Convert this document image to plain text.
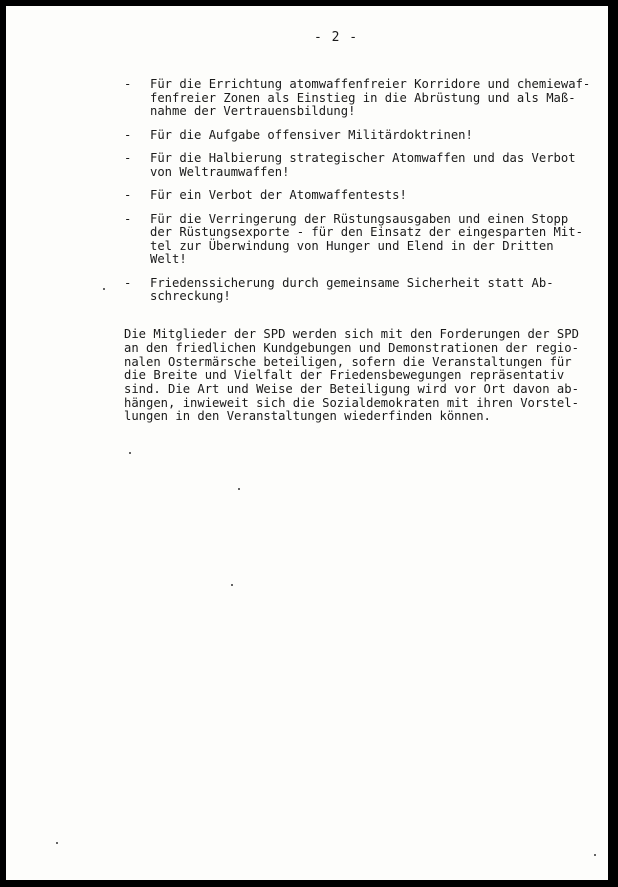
- 2 -
-	Für die Errichtung atomwaffenfreier Korridore und chemiewaf-
fenfreier Zonen als Einstieg in die Abrüstung und als Maß-
nahme der Vertrauensbildung!
-	Für die Aufgabe offensiver Militärdoktrinen!
-	Für die Halbierung strategischer Atomwaffen und das Verbot
von Weltraumwaffen!
-	Für ein Verbot der Atomwaffentests!
-	Für die Verringerung der Rüstungsausgaben und einen Stopp
der Rüstungsexporte - für den Einsatz der eingesparten Mit-
tel zur Überwindung von Hunger und Elend in der Dritten
Welt!
-	Friedenssicherung durch gemeinsame Sicherheit statt Ab-
schreckung!

Die Mitglieder der SPD werden sich mit den Forderungen der SPD
an den friedlichen Kundgebungen und Demonstrationen der regio-
nalen Ostermärsche beteiligen, sofern die Veranstaltungen für
die Breite und Vielfalt der Friedensbewegungen repräsentativ
sind. Die Art und Weise der Beteiligung wird vor Ort davon ab-
hängen, inwieweit sich die Sozialdemokraten mit ihren Vorstel-
lungen in den Veranstaltungen wiederfinden können.
